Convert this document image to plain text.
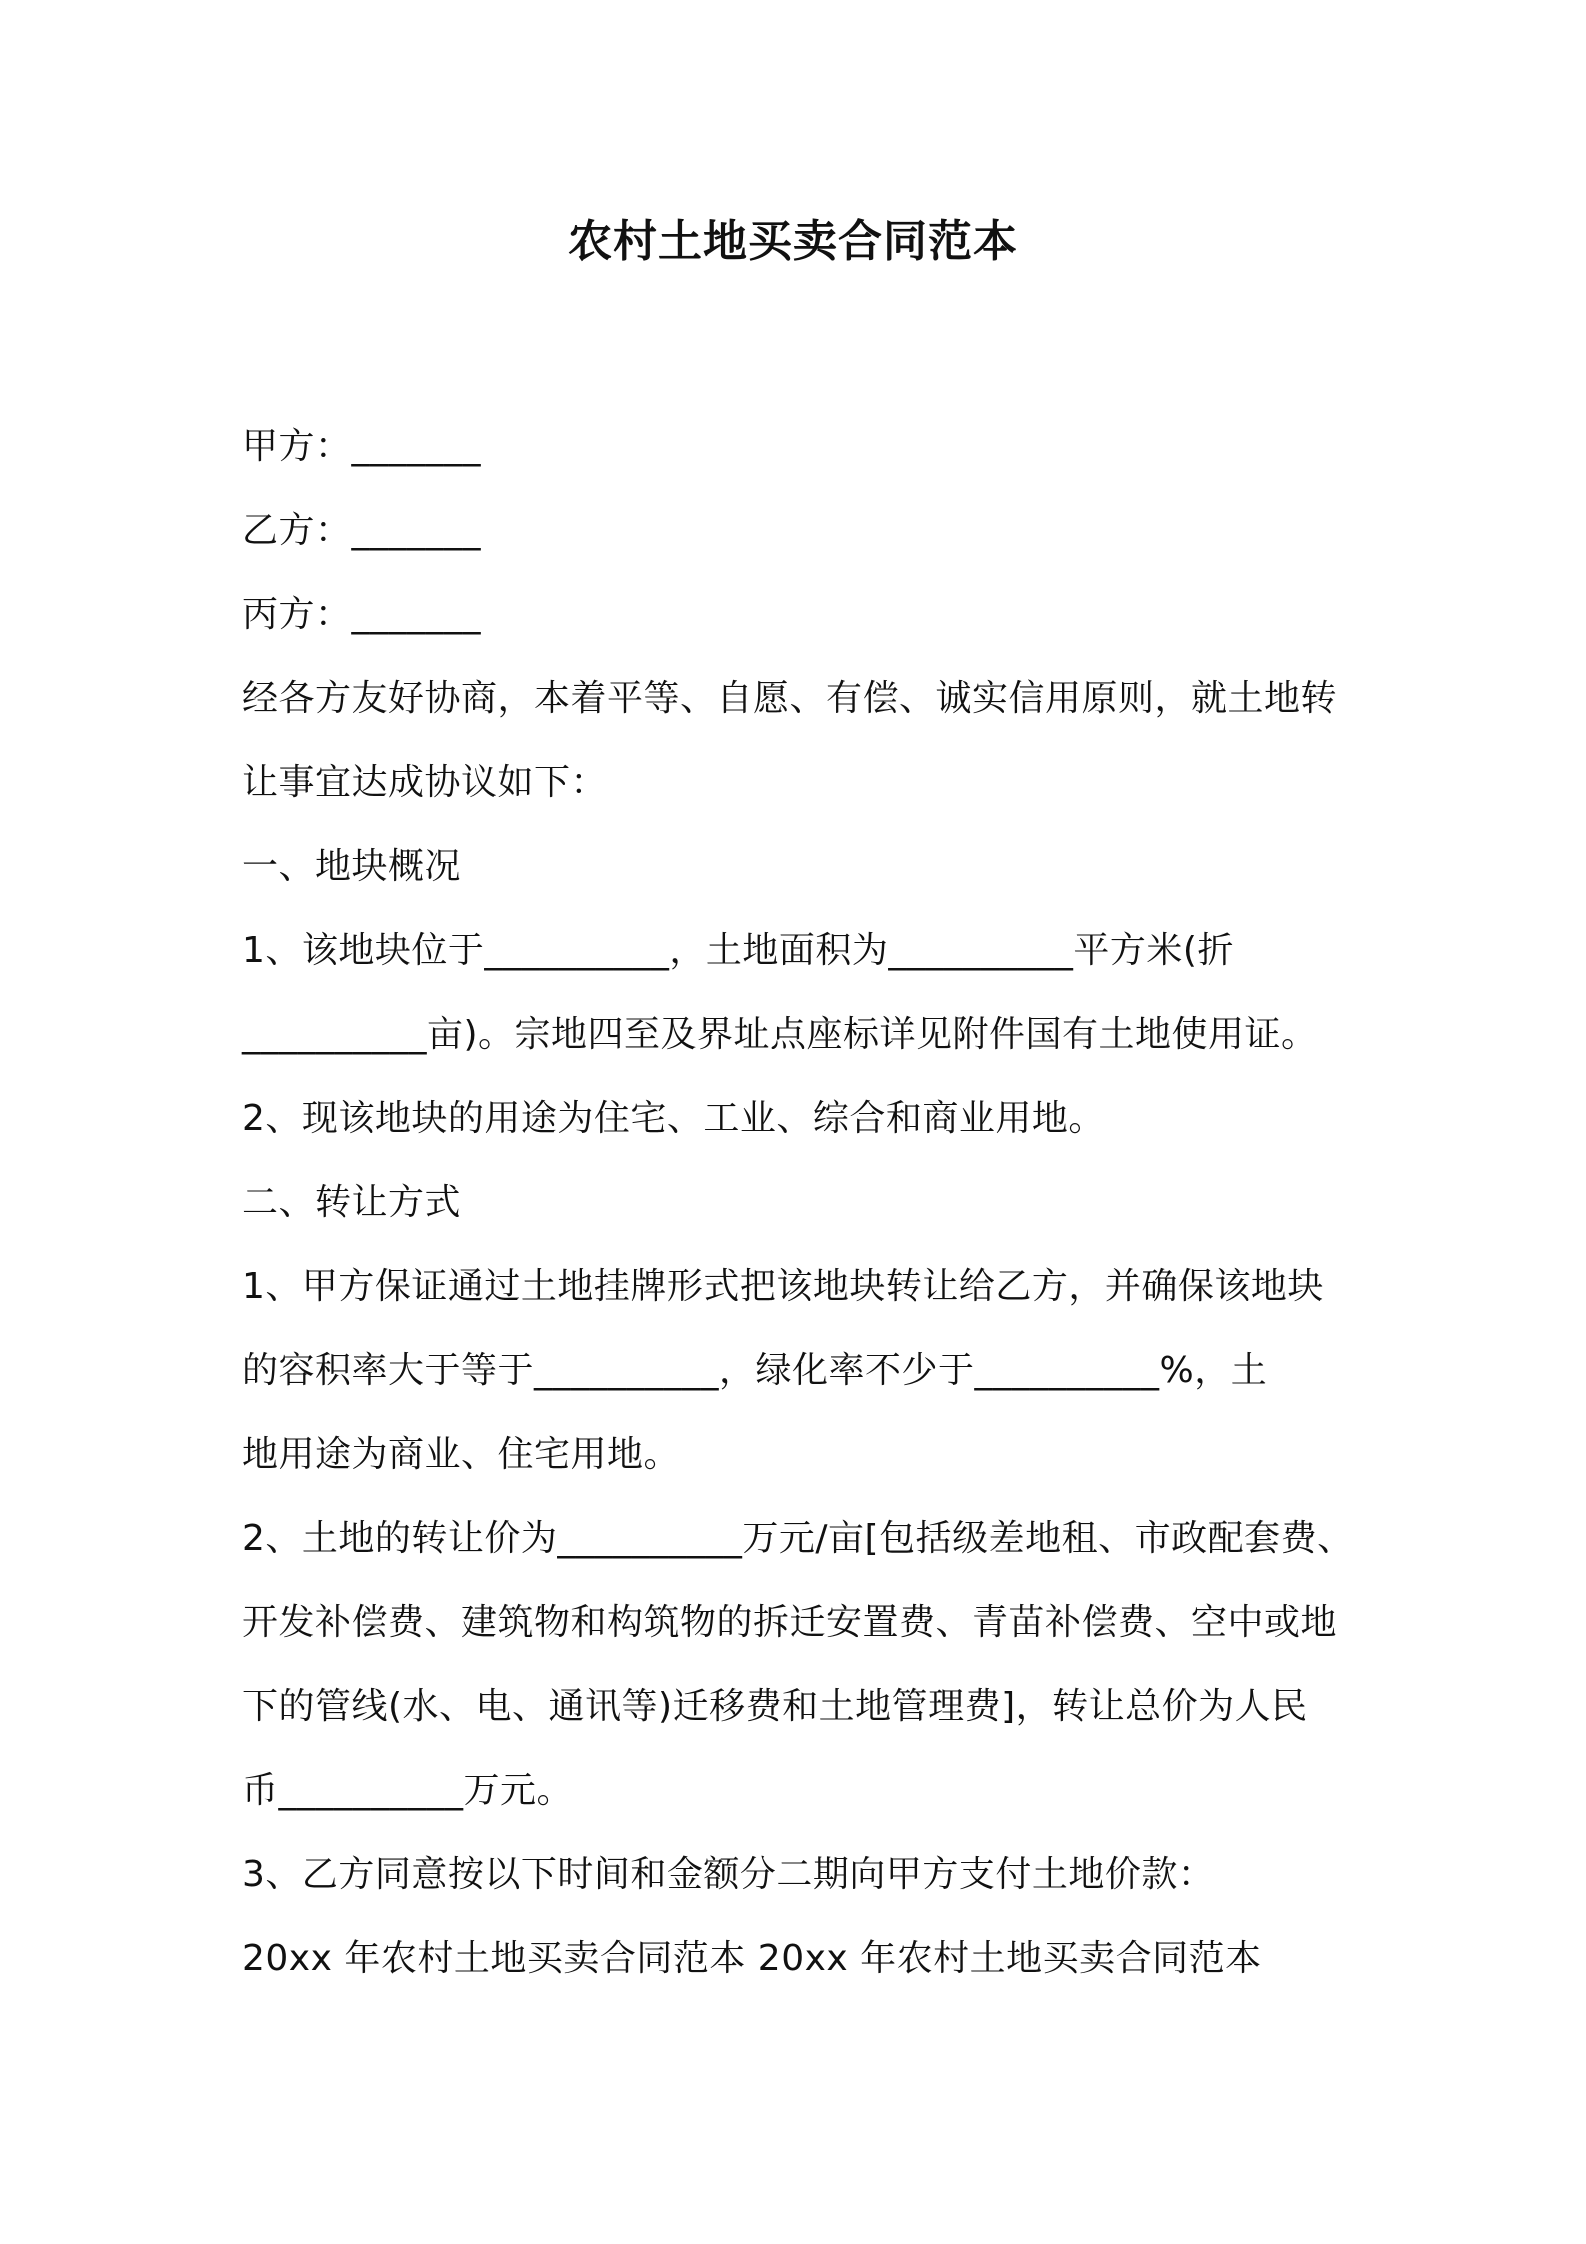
农村土地买卖合同范本
甲方：_______
乙方：_______
丙方：_______
经各方友好协商，本着平等、自愿、有偿、诚实信用原则，就土地转
让事宜达成协议如下：
一、地块概况
1、该地块位于__________，土地面积为__________平方米(折
__________亩)。宗地四至及界址点座标详见附件国有土地使用证。
2、现该地块的用途为住宅、工业、综合和商业用地。
二、转让方式
1、甲方保证通过土地挂牌形式把该地块转让给乙方，并确保该地块
的容积率大于等于__________，绿化率不少于__________%，土
地用途为商业、住宅用地。
2、土地的转让价为__________万元/亩[包括级差地租、市政配套费、
开发补偿费、建筑物和构筑物的拆迁安置费、青苗补偿费、空中或地
下的管线(水、电、通讯等)迁移费和土地管理费]，转让总价为人民
币__________万元。
3、乙方同意按以下时间和金额分二期向甲方支付土地价款：
20xx 年农村土地买卖合同范本 20xx 年农村土地买卖合同范本
